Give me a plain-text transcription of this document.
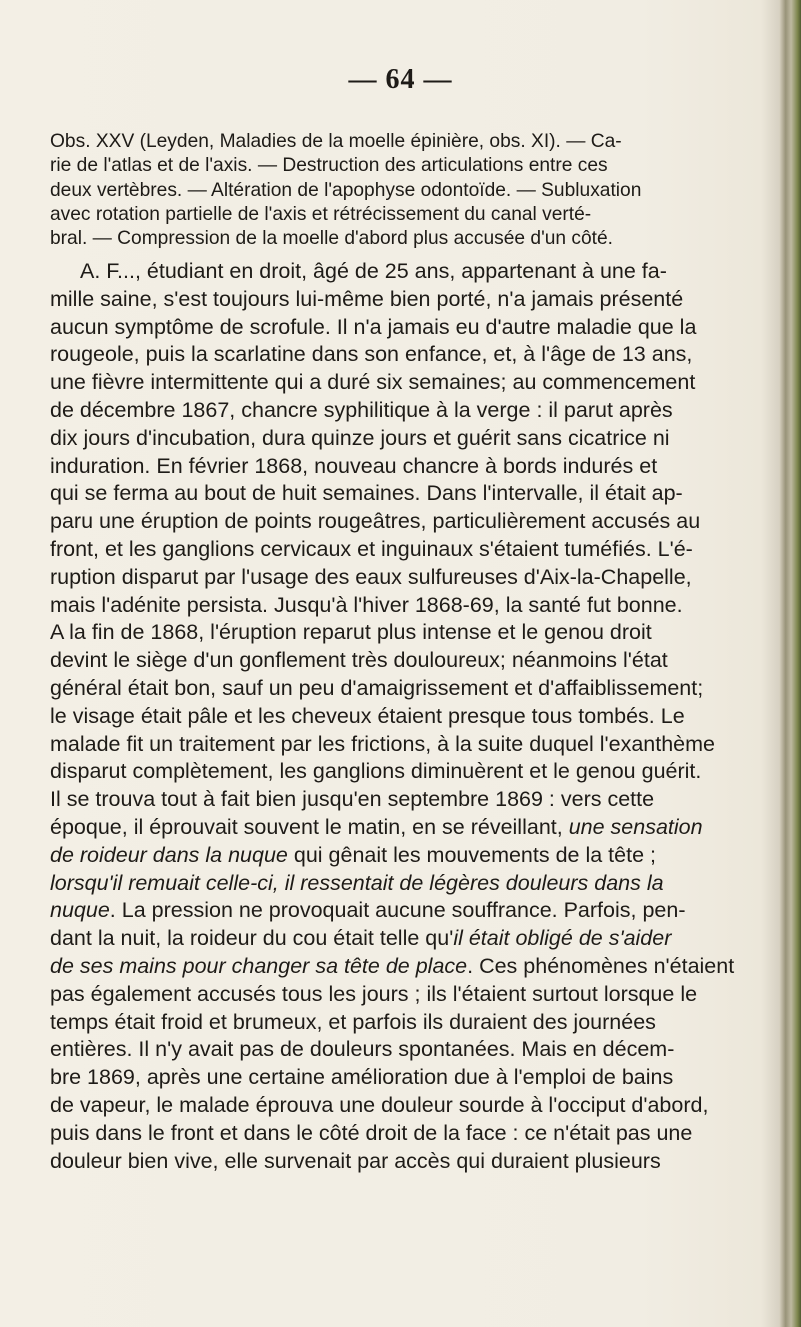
— 64 —
Obs. XXV (Leyden, Maladies de la moelle épinière, obs. XI). — Ca-
rie de l'atlas et de l'axis. — Destruction des articulations entre ces
deux vertèbres. — Altération de l'apophyse odontoïde. — Subluxation
avec rotation partielle de l'axis et rétrécissement du canal verté-
bral. — Compression de la moelle d'abord plus accusée d'un côté.
A. F..., étudiant en droit, âgé de 25 ans, appartenant à une fa-
mille saine, s'est toujours lui-même bien porté, n'a jamais présenté
aucun symptôme de scrofule. Il n'a jamais eu d'autre maladie que la
rougeole, puis la scarlatine dans son enfance, et, à l'âge de 13 ans,
une fièvre intermittente qui a duré six semaines; au commencement
de décembre 1867, chancre syphilitique à la verge : il parut après
dix jours d'incubation, dura quinze jours et guérit sans cicatrice ni
induration. En février 1868, nouveau chancre à bords indurés et
qui se ferma au bout de huit semaines. Dans l'intervalle, il était ap-
paru une éruption de points rougeâtres, particulièrement accusés au
front, et les ganglions cervicaux et inguinaux s'étaient tuméfiés. L'é-
ruption disparut par l'usage des eaux sulfureuses d'Aix-la-Chapelle,
mais l'adénite persista. Jusqu'à l'hiver 1868-69, la santé fut bonne.
A la fin de 1868, l'éruption reparut plus intense et le genou droit
devint le siège d'un gonflement très douloureux; néanmoins l'état
général était bon, sauf un peu d'amaigrissement et d'affaiblissement;
le visage était pâle et les cheveux étaient presque tous tombés. Le
malade fit un traitement par les frictions, à la suite duquel l'exanthème
disparut complètement, les ganglions diminuèrent et le genou guérit.
Il se trouva tout à fait bien jusqu'en septembre 1869 : vers cette
époque, il éprouvait souvent le matin, en se réveillant, une sensation
de roideur dans la nuque qui gênait les mouvements de la tête ;
lorsqu'il remuait celle-ci, il ressentait de légères douleurs dans la
nuque. La pression ne provoquait aucune souffrance. Parfois, pen-
dant la nuit, la roideur du cou était telle qu'il était obligé de s'aider
de ses mains pour changer sa tête de place. Ces phénomènes n'étaient
pas également accusés tous les jours ; ils l'étaient surtout lorsque le
temps était froid et brumeux, et parfois ils duraient des journées
entières. Il n'y avait pas de douleurs spontanées. Mais en décem-
bre 1869, après une certaine amélioration due à l'emploi de bains
de vapeur, le malade éprouva une douleur sourde à l'occiput d'abord,
puis dans le front et dans le côté droit de la face : ce n'était pas une
douleur bien vive, elle survenait par accès qui duraient plusieurs
